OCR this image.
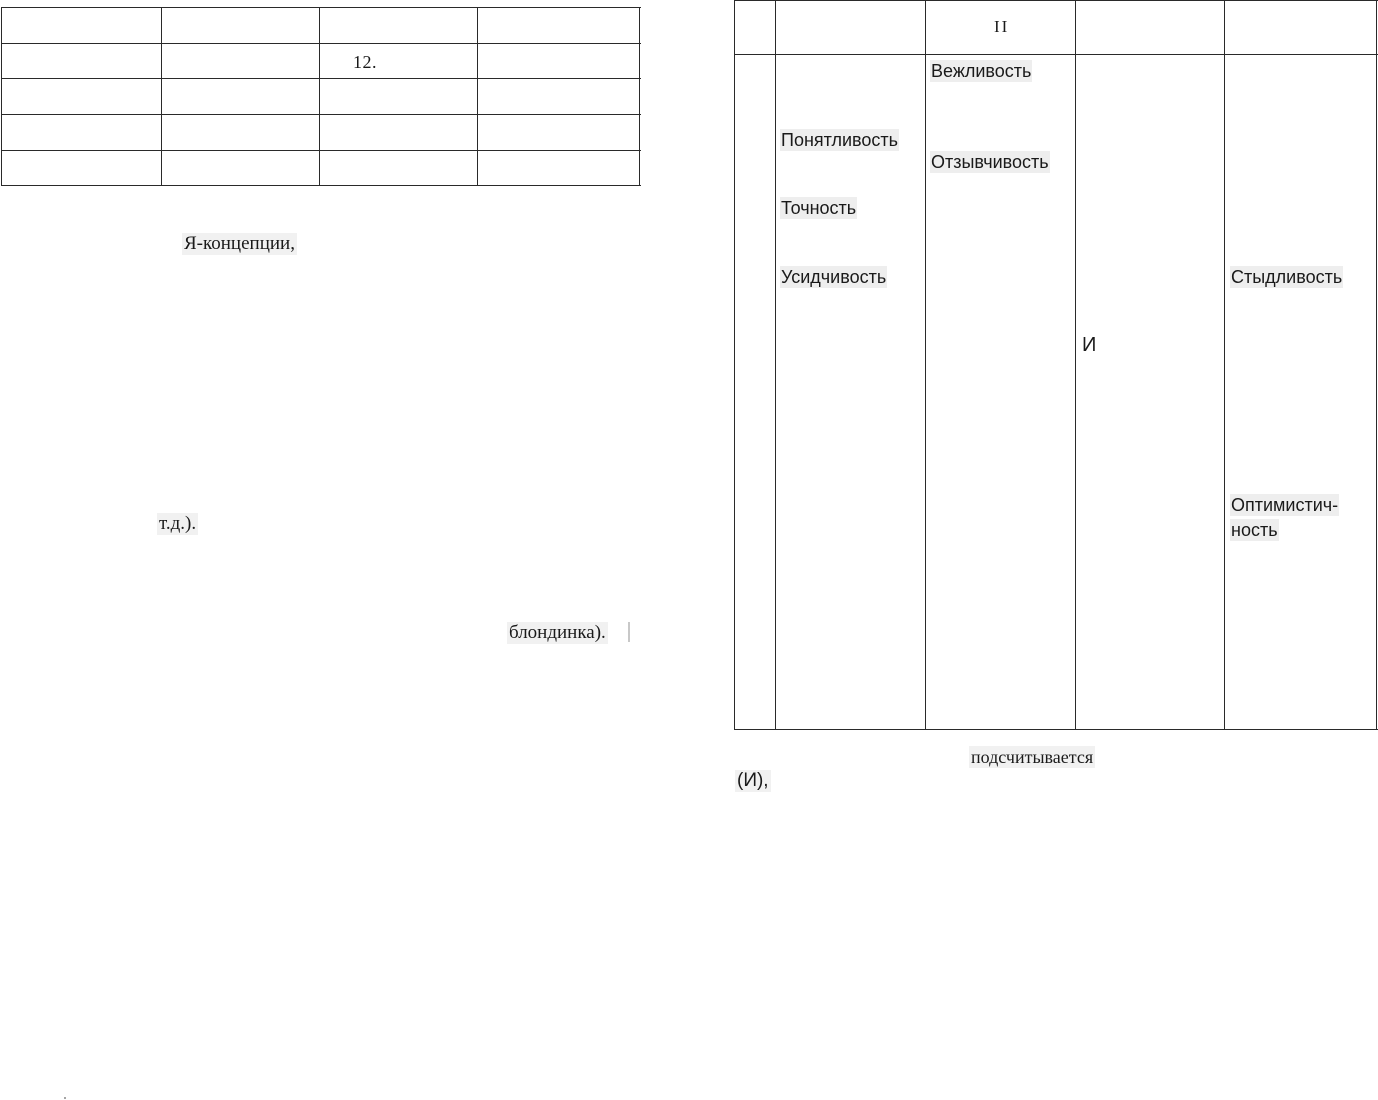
12.
Я-концепции,
т.д.).
блондинка).
II
Понятливость
Точность
Усидчивость
Вежливость
Отзывчивость
И
Стыдливость
Оптимистич-
ность
подсчитывается
(И),
